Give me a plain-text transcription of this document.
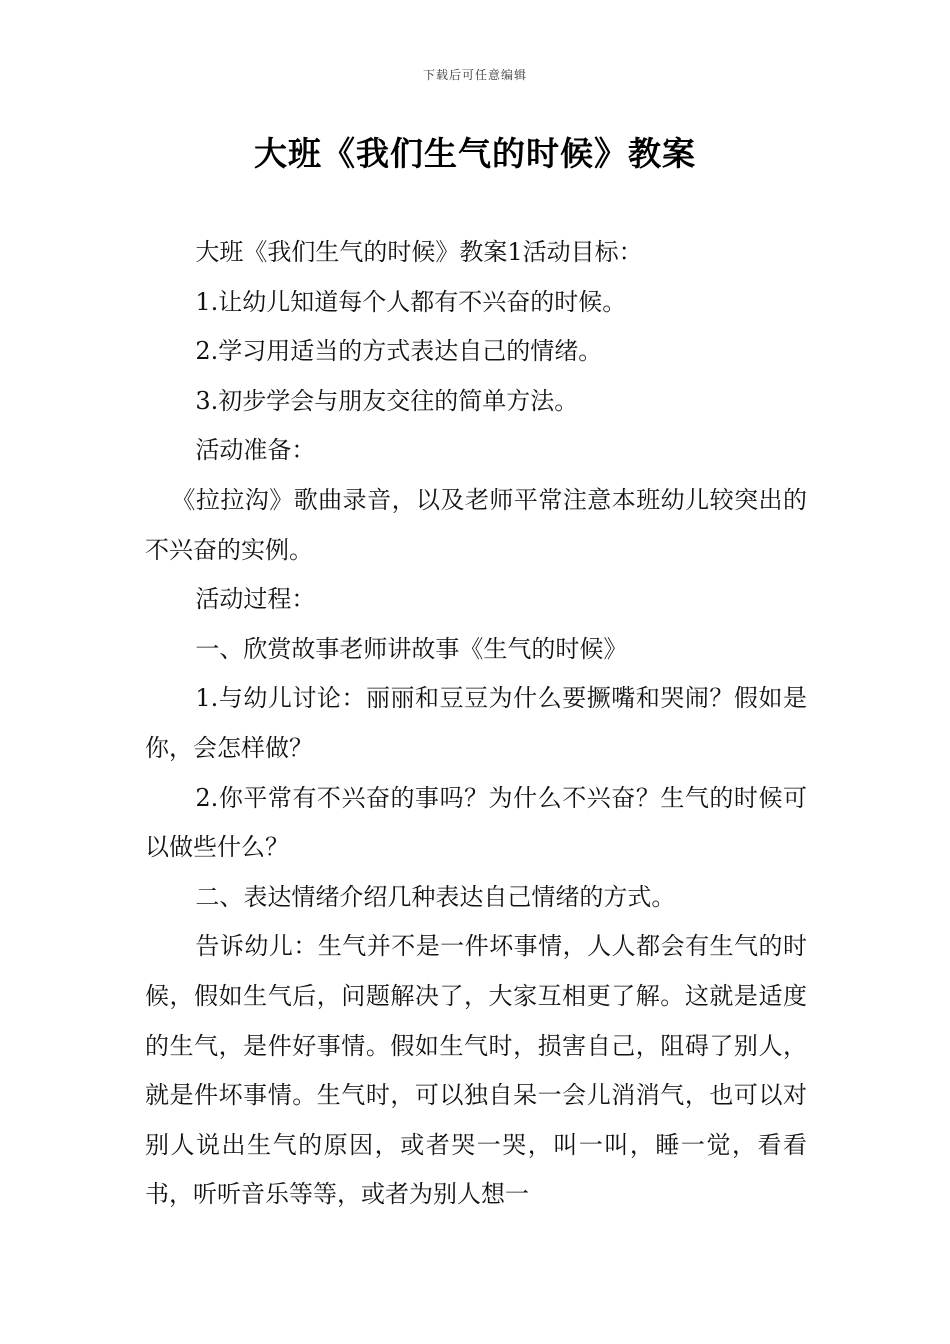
下载后可任意编辑
大班《我们生气的时候》教案

大班《我们生气的时候》教案1活动目标：

1.让幼儿知道每个人都有不兴奋的时候。

2.学习用适当的方式表达自己的情绪。

3.初步学会与朋友交往的简单方法。

活动准备：

《拉拉沟》歌曲录音，以及老师平常注意本班幼儿较突出的不兴奋的实例。

活动过程：

一、欣赏故事老师讲故事《生气的时候》

1.与幼儿讨论：丽丽和豆豆为什么要撅嘴和哭闹？假如是你，会怎样做？

2.你平常有不兴奋的事吗？为什么不兴奋？生气的时候可以做些什么？

二、表达情绪介绍几种表达自己情绪的方式。

告诉幼儿：生气并不是一件坏事情，人人都会有生气的时候，假如生气后，问题解决了，大家互相更了解。这就是适度的生气，是件好事情。假如生气时，损害自己，阻碍了别人，就是件坏事情。生气时，可以独自呆一会儿消消气，也可以对别人说出生气的原因，或者哭一哭，叫一叫，睡一觉，看看书，听听音乐等等，或者为别人想一
